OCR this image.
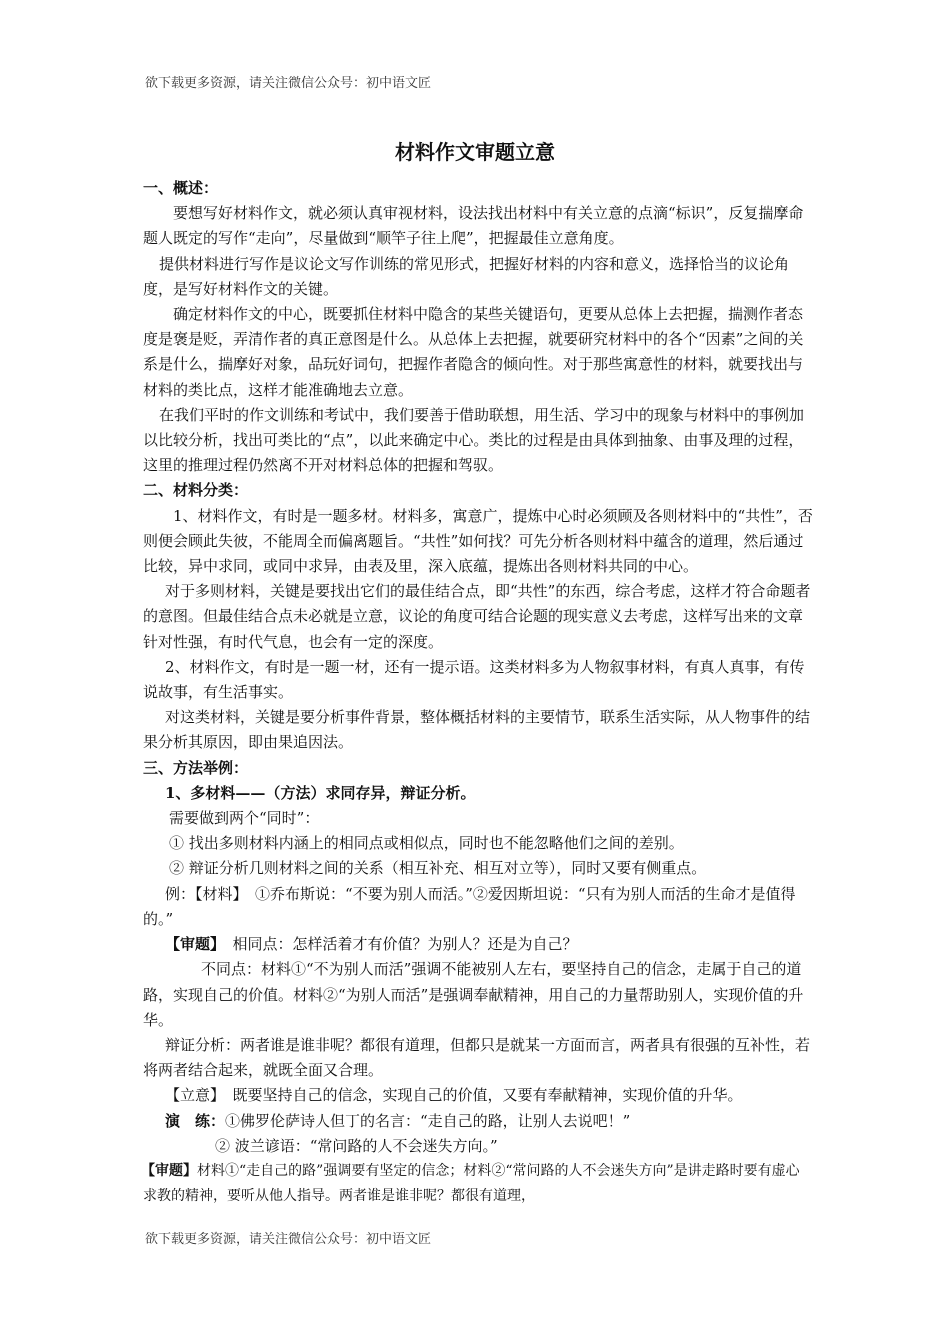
欲下载更多资源，请关注微信公众号：初中语文匠
材料作文审题立意

一、概述：

要想写好材料作文，就必须认真审视材料，设法找出材料中有关立意的点滴“标识”，反复揣摩命题人既定的写作“走向”，尽量做到“顺竿子往上爬”，把握最佳立意角度。

提供材料进行写作是议论文写作训练的常见形式，把握好材料的内容和意义，选择恰当的议论角度，是写好材料作文的关键。

确定材料作文的中心，既要抓住材料中隐含的某些关键语句，更要从总体上去把握，揣测作者态度是褒是贬，弄清作者的真正意图是什么。从总体上去把握，就要研究材料中的各个“因素”之间的关系是什么，揣摩好对象，品玩好词句，把握作者隐含的倾向性。对于那些寓意性的材料，就要找出与材料的类比点，这样才能准确地去立意。

在我们平时的作文训练和考试中，我们要善于借助联想，用生活、学习中的现象与材料中的事例加以比较分析，找出可类比的“点”，以此来确定中心。类比的过程是由具体到抽象、由事及理的过程，这里的推理过程仍然离不开对材料总体的把握和驾驭。

二、材料分类：

1、材料作文，有时是一题多材。材料多，寓意广，提炼中心时必须顾及各则材料中的“共性”，否则便会顾此失彼，不能周全而偏离题旨。“共性”如何找？可先分析各则材料中蕴含的道理，然后通过比较，异中求同，或同中求异，由表及里，深入底蕴，提炼出各则材料共同的中心。

对于多则材料，关键是要找出它们的最佳结合点，即“共性”的东西，综合考虑，这样才符合命题者的意图。但最佳结合点未必就是立意，议论的角度可结合论题的现实意义去考虑，这样写出来的文章针对性强，有时代气息，也会有一定的深度。

2、材料作文，有时是一题一材，还有一提示语。这类材料多为人物叙事材料，有真人真事，有传说故事，有生活事实。

对这类材料，关键是要分析事件背景，整体概括材料的主要情节，联系生活实际，从人物事件的结果分析其原因，即由果追因法。

三、方法举例：

1、多材料——（方法）求同存异，辩证分析。

需要做到两个“同时”：

① 找出多则材料内涵上的相同点或相似点，同时也不能忽略他们之间的差别。

② 辩证分析几则材料之间的关系（相互补充、相互对立等），同时又要有侧重点。

例：【材料】　 ①乔布斯说：“不要为别人而活。”②爱因斯坦说：“只有为别人而活的生命才是值得的。”

【审题】　 相同点：怎样活着才有价值？为别人？还是为自己？

不同点：材料①“不为别人而活”强调不能被别人左右，要坚持自己的信念，走属于自己的道路，实现自己的价值。材料②“为别人而活”是强调奉献精神，用自己的力量帮助别人，实现价值的升华。

辩证分析：两者谁是谁非呢？都很有道理，但都只是就某一方面而言，两者具有很强的互补性，若将两者结合起来，就既全面又合理。

【立意】　 既要坚持自己的信念，实现自己的价值，又要有奉献精神，实现价值的升华。

演　练：①佛罗伦萨诗人但丁的名言：“走自己的路，让别人去说吧！”

② 波兰谚语：“常问路的人不会迷失方向。”

【审题】材料①“走自己的路”强调要有坚定的信念；材料②“常问路的人不会迷失方向”是讲走路时要有虚心求教的精神，要听从他人指导。两者谁是谁非呢？都很有道理，

欲下载更多资源，请关注微信公众号：初中语文匠
